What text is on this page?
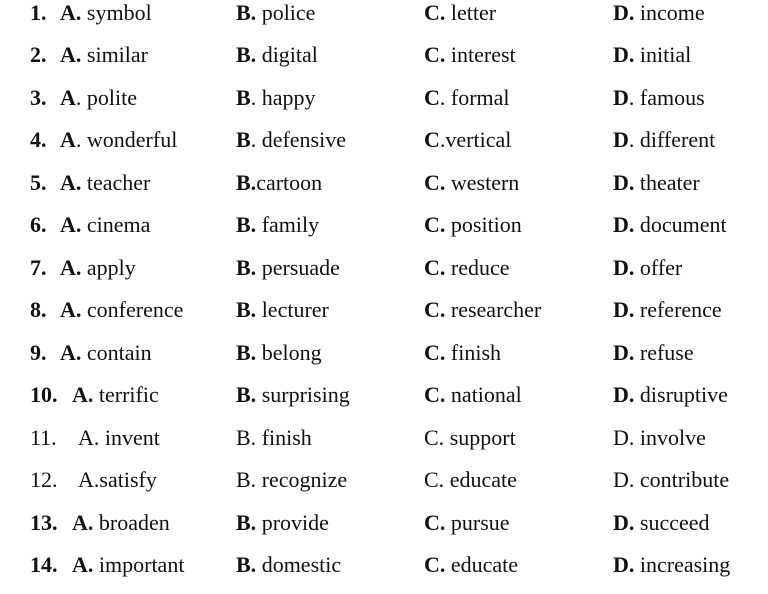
1. A. symbol	B. police	C. letter	D. income
2. A. similar	B. digital	C. interest	D. initial
3. A. polite	B. happy	C. formal	D. famous
4. A. wonderful	B. defensive	C.vertical	D. different
5. A. teacher	B.cartoon	C. western	D. theater
6. A. cinema	B. family	C. position	D. document
7. A. apply	B. persuade	C. reduce	D. offer
8. A. conference B. lecturer	C. researcher	D. reference
9. A. contain	B. belong	C. finish	D. refuse
10. A. terrific	B. surprising	C. national	D. disruptive
11. A. invent	B. finish	C. support	D. involve
12. A.satisfy	B. recognize	C. educate	D. contribute
13. A. broaden	B. provide	C. pursue	D. succeed
14. A. important B. domestic	C. educate	D. increasing
